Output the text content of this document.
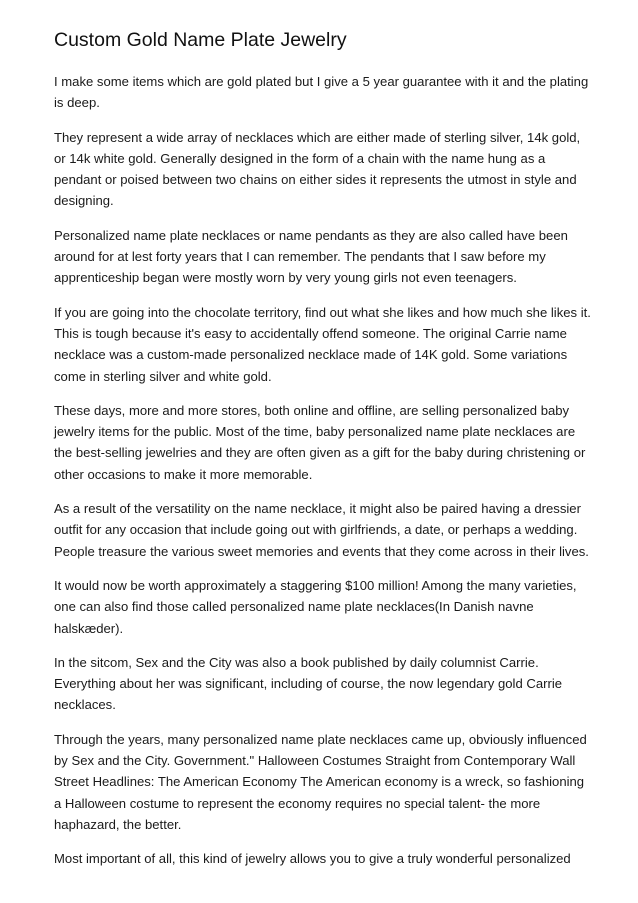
Custom Gold Name Plate Jewelry

I make some items which are gold plated but I give a 5 year guarantee with it and the plating is deep.

They represent a wide array of necklaces which are either made of sterling silver, 14k gold, or 14k white gold. Generally designed in the form of a chain with the name hung as a pendant or poised between two chains on either sides it represents the utmost in style and designing.

Personalized name plate necklaces or name pendants as they are also called have been around for at lest forty years that I can remember. The pendants that I saw before my apprenticeship began were mostly worn by very young girls not even teenagers.

If you are going into the chocolate territory, find out what she likes and how much she likes it. This is tough because it's easy to accidentally offend someone. The original Carrie name necklace was a custom-made personalized necklace made of 14K gold. Some variations come in sterling silver and white gold.

These days, more and more stores, both online and offline, are selling personalized baby jewelry items for the public. Most of the time, baby personalized name plate necklaces are the best-selling jewelries and they are often given as a gift for the baby during christening or other occasions to make it more memorable.

As a result of the versatility on the name necklace, it might also be paired having a dressier outfit for any occasion that include going out with girlfriends, a date, or perhaps a wedding. People treasure the various sweet memories and events that they come across in their lives.

It would now be worth approximately a staggering $100 million! Among the many varieties, one can also find those called personalized name plate necklaces(In Danish navne halskæder).

In the sitcom, Sex and the City was also a book published by daily columnist Carrie. Everything about her was significant, including of course, the now legendary gold Carrie necklaces.

Through the years, many personalized name plate necklaces came up, obviously influenced by Sex and the City. Government." Halloween Costumes Straight from Contemporary Wall Street Headlines: The American Economy The American economy is a wreck, so fashioning a Halloween costume to represent the economy requires no special talent- the more haphazard, the better.

Most important of all, this kind of jewelry allows you to give a truly wonderful personalized
